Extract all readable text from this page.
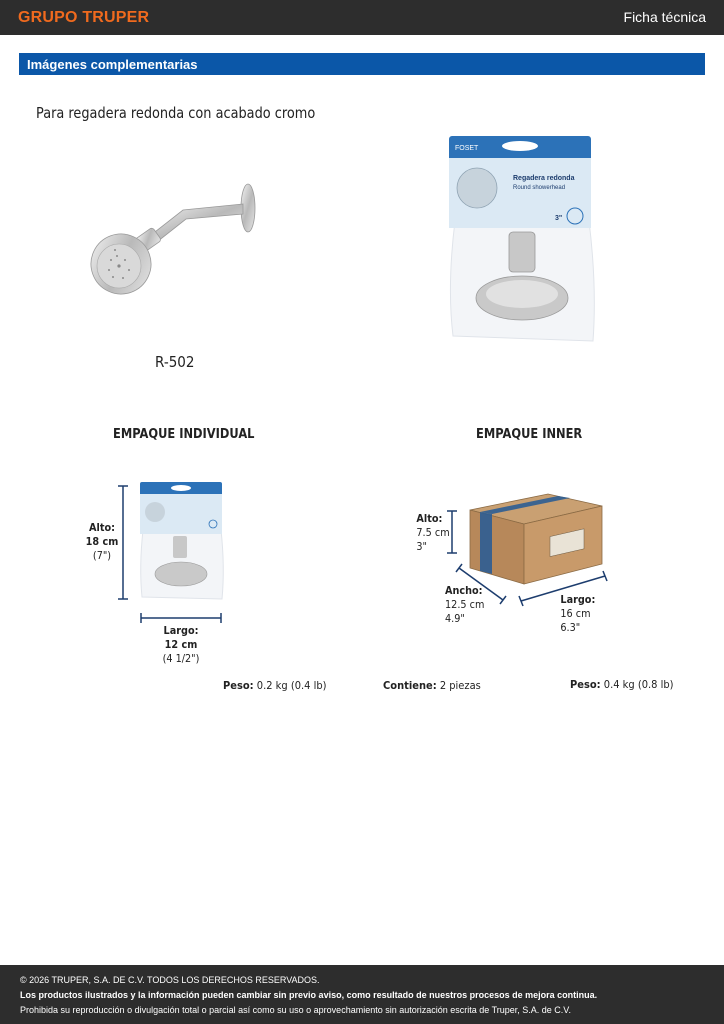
GRUPO TRUPER	Ficha técnica
Imágenes complementarias
Para regadera redonda con acabado cromo
R-502
FOSET
Regadera redonda
Round showerhead
3"
EMPAQUE INDIVIDUAL	EMPAQUE INNER
Alto:
18 cm
(7")
Largo:
12 cm
(4 1/2")
Alto:
7.5 cm
3"
Ancho:
12.5 cm
4.9"
Largo:
16 cm
6.3"
Peso: 0.2 kg (0.4 lb)	Contiene: 2 piezas	Peso: 0.4 kg (0.8 lb)
© 2026 TRUPER, S.A. DE C.V. TODOS LOS DERECHOS RESERVADOS.
Los productos ilustrados y la información pueden cambiar sin previo aviso, como resultado de nuestros procesos de mejora continua.
Prohibida su reproducción o divulgación total o parcial así como su uso o aprovechamiento sin autorización escrita de Truper, S.A. de C.V.
